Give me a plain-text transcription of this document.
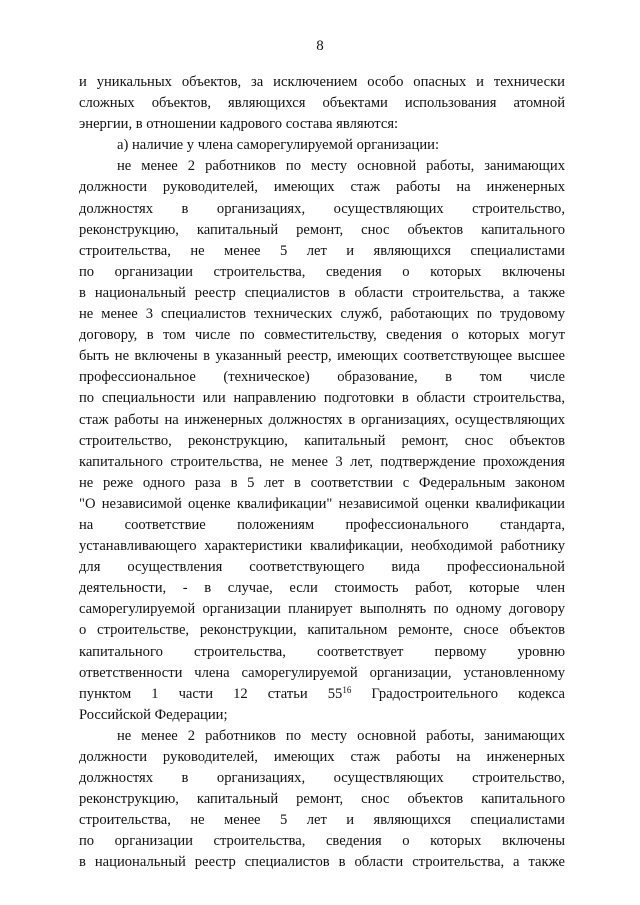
8
и уникальных объектов, за исключением особо опасных и технически
сложных объектов, являющихся объектами использования атомной
энергии, в отношении кадрового состава являются:
а) наличие у члена саморегулируемой организации:
не менее 2 работников по месту основной работы, занимающих
должности руководителей, имеющих стаж работы на инженерных
должностях в организациях, осуществляющих строительство,
реконструкцию, капитальный ремонт, снос объектов капитального
строительства, не менее 5 лет и являющихся специалистами
по организации строительства, сведения о которых включены
в национальный реестр специалистов в области строительства, а также
не менее 3 специалистов технических служб, работающих по трудовому
договору, в том числе по совместительству, сведения о которых могут
быть не включены в указанный реестр, имеющих соответствующее высшее
профессиональное (техническое) образование, в том числе
по специальности или направлению подготовки в области строительства,
стаж работы на инженерных должностях в организациях, осуществляющих
строительство, реконструкцию, капитальный ремонт, снос объектов
капитального строительства, не менее 3 лет, подтверждение прохождения
не реже одного раза в 5 лет в соответствии с Федеральным законом
"О независимой оценке квалификации" независимой оценки квалификации
на соответствие положениям профессионального стандарта,
устанавливающего характеристики квалификации, необходимой работнику
для осуществления соответствующего вида профессиональной
деятельности, - в случае, если стоимость работ, которые член
саморегулируемой организации планирует выполнять по одному договору
о строительстве, реконструкции, капитальном ремонте, сносе объектов
капитального строительства, соответствует первому уровню
ответственности члена саморегулируемой организации, установленному
пунктом 1 части 12 статьи $55^{16}$ Градостроительного кодекса
Российской Федерации;
не менее 2 работников по месту основной работы, занимающих
должности руководителей, имеющих стаж работы на инженерных
должностях в организациях, осуществляющих строительство,
реконструкцию, капитальный ремонт, снос объектов капитального
строительства, не менее 5 лет и являющихся специалистами
по организации строительства, сведения о которых включены
в национальный реестр специалистов в области строительства, а также
